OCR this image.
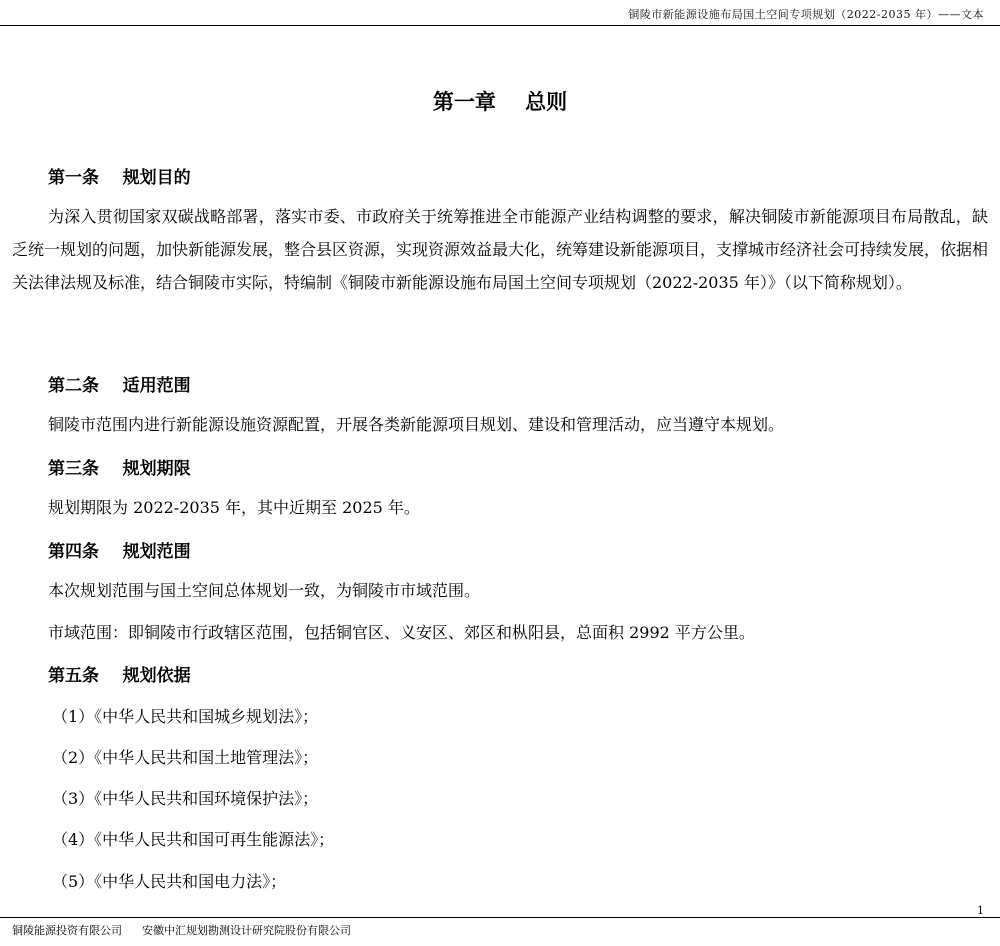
铜陵市新能源设施布局国土空间专项规划（2022-2035 年）——文本
第一章    总则
第一条    规划目的

为深入贯彻国家双碳战略部署，落实市委、市政府关于统筹推进全市能源产业结构调整的要求，解决铜陵市新能源项目布局散乱，缺乏统一规划的问题，加快新能源发展，整合县区资源，实现资源效益最大化，统筹建设新能源项目，支撑城市经济社会可持续发展，依据相关法律法规及标准，结合铜陵市实际，特编制《铜陵市新能源设施布局国土空间专项规划（2022-2035 年）》（以下简称规划）。

第二条    适用范围

铜陵市范围内进行新能源设施资源配置，开展各类新能源项目规划、建设和管理活动，应当遵守本规划。

第三条    规划期限

规划期限为 2022-2035 年，其中近期至 2025 年。

第四条    规划范围

本次规划范围与国土空间总体规划一致，为铜陵市市域范围。

市域范围：即铜陵市行政辖区范围，包括铜官区、义安区、郊区和枞阳县，总面积 2992 平方公里。

第五条    规划依据

（1）《中华人民共和国城乡规划法》；

（2）《中华人民共和国土地管理法》；

（3）《中华人民共和国环境保护法》；

（4）《中华人民共和国可再生能源法》；

（5）《中华人民共和国电力法》；

1
铜陵能源投资有限公司 安徽中汇规划勘测设计研究院股份有限公司
